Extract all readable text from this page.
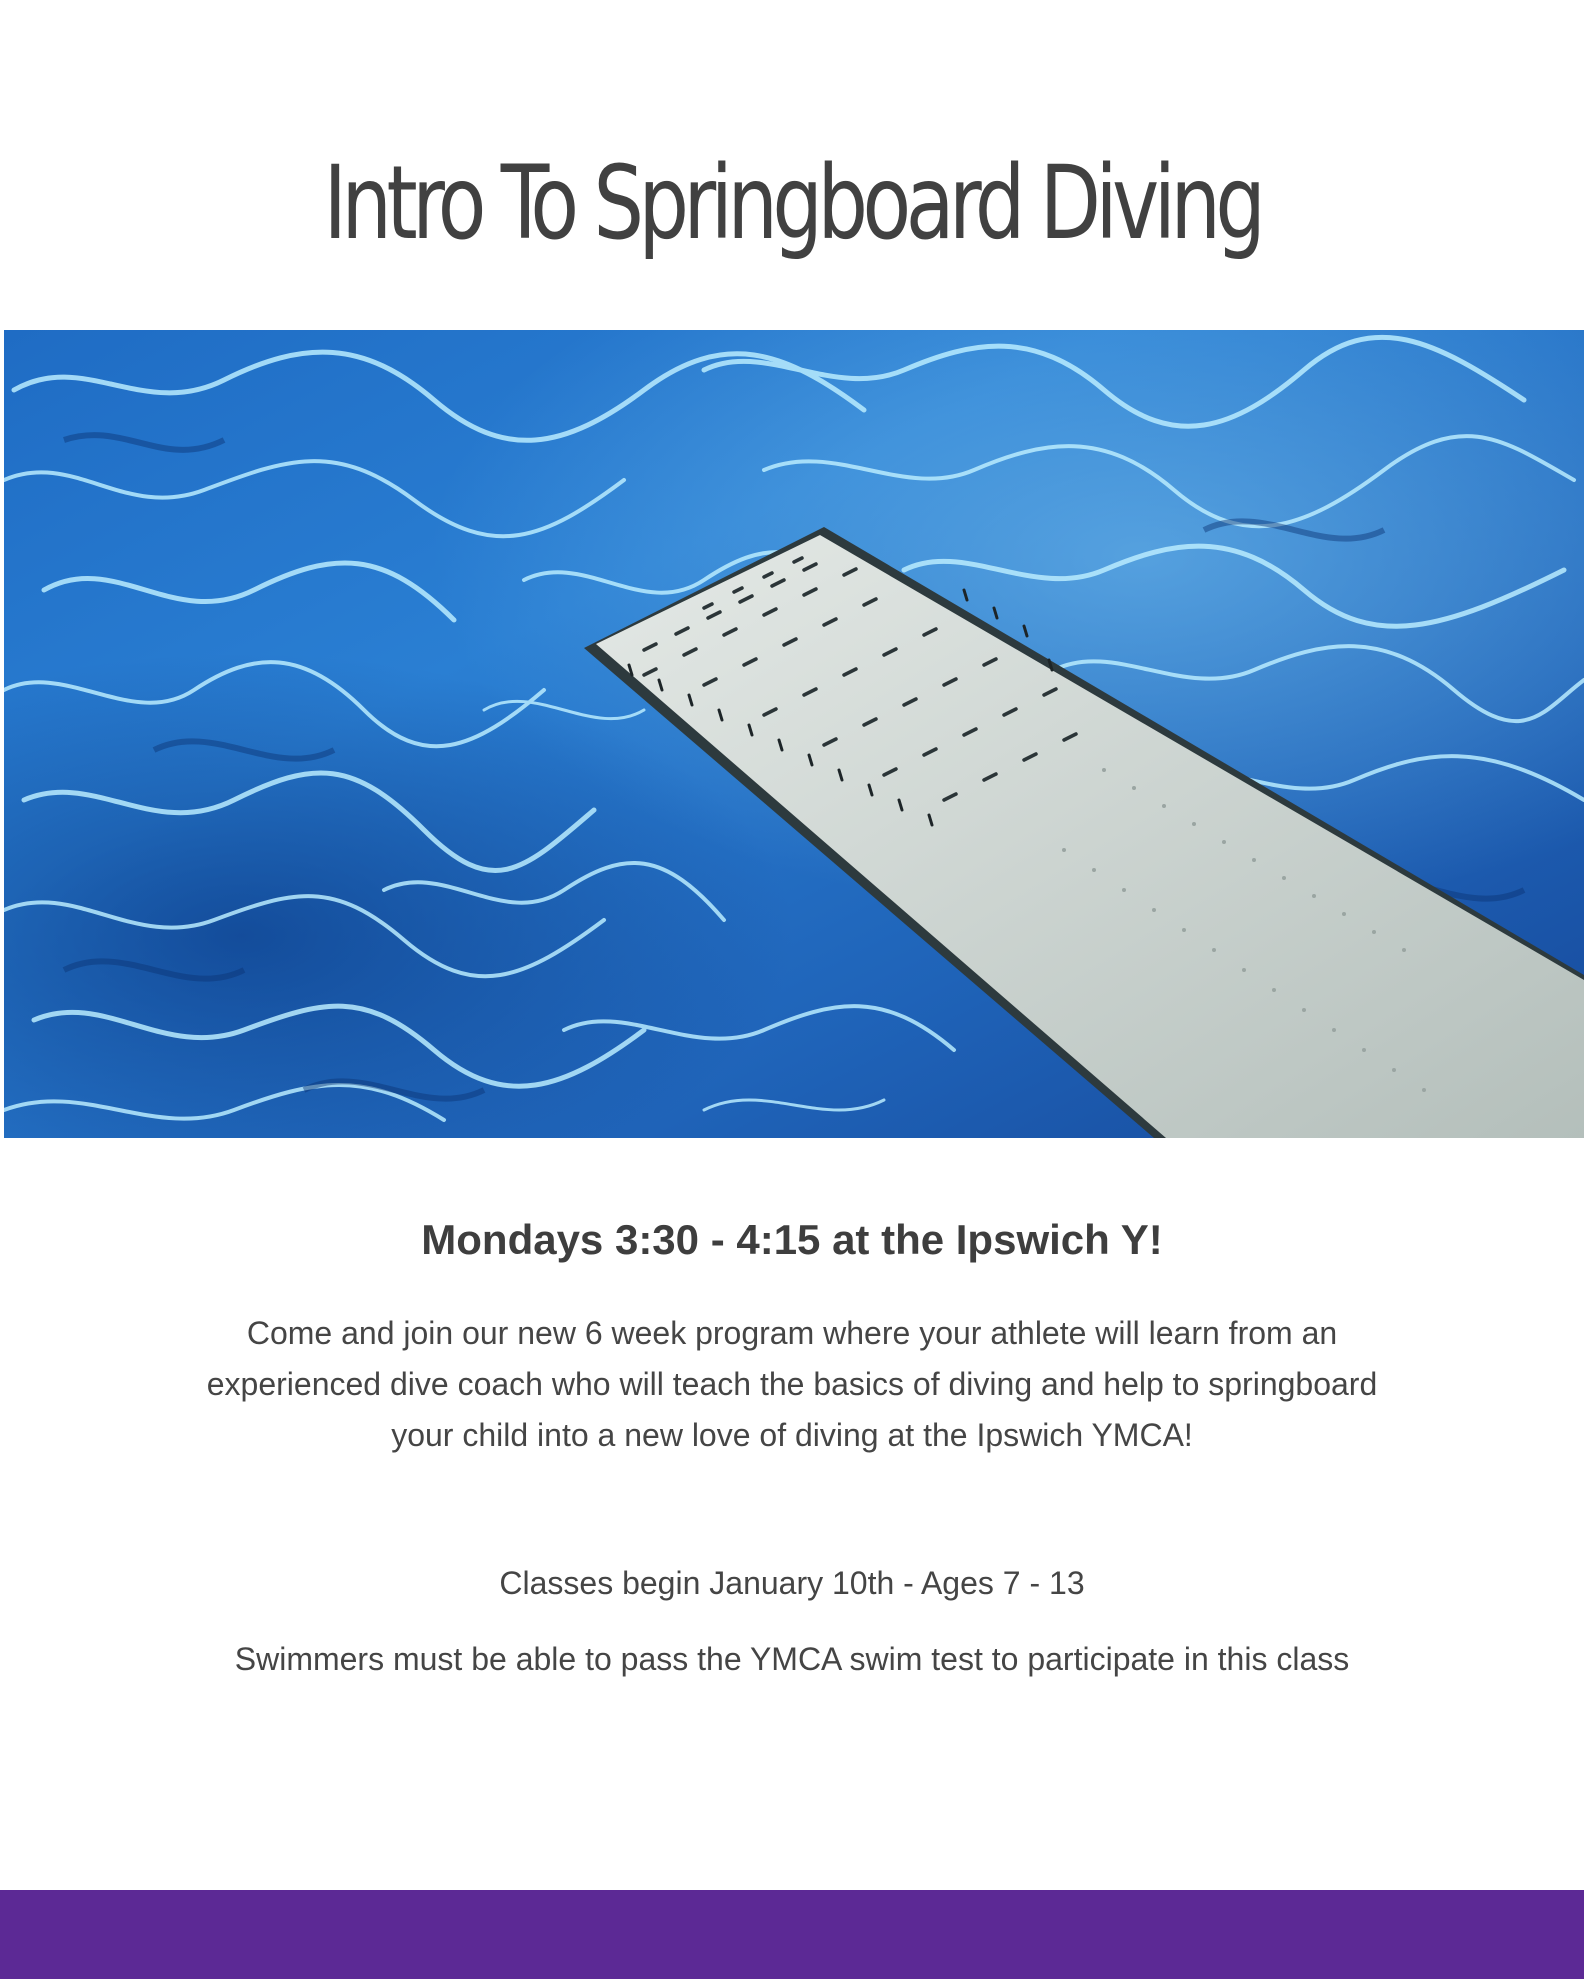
Intro To Springboard Diving
Mondays 3:30 - 4:15 at the Ipswich Y!

Come and join our new 6 week program where your athlete will learn from an experienced dive coach who will teach the basics of diving and help to springboard your child into a new love of diving at the Ipswich YMCA!

Classes begin January 10th - Ages 7 - 13

Swimmers must be able to pass the YMCA swim test to participate in this class
